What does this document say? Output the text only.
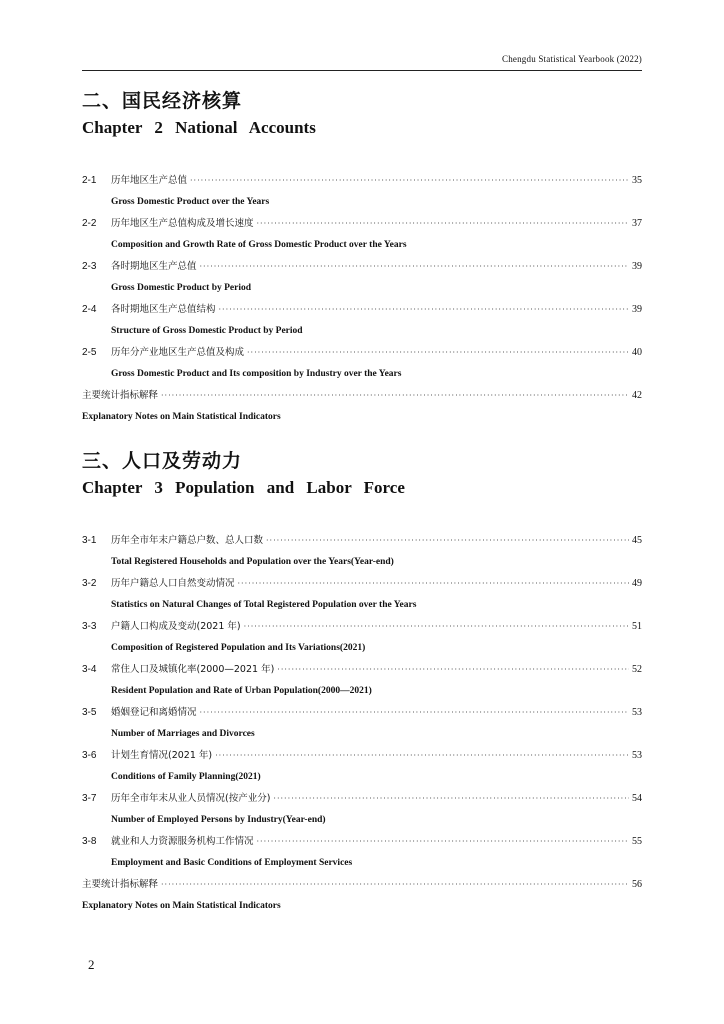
Chengdu Statistical Yearbook (2022)
二、国民经济核算
Chapter 2 National Accounts
2-1	历年地区生产总值 ·····	35
Gross Domestic Product over the Years
2-2	历年地区生产总值构成及增长速度 ·····	37
Composition and Growth Rate of Gross Domestic Product over the Years
2-3	各时期地区生产总值 ·····	39
Gross Domestic Product by Period
2-4	各时期地区生产总值结构 ·····	39
Structure of Gross Domestic Product by Period
2-5	历年分产业地区生产总值及构成 ·····	40
Gross Domestic Product and Its composition by Industry over the Years
主要统计指标解释 ·····	42
Explanatory Notes on Main Statistical Indicators
三、人口及劳动力
Chapter 3 Population and Labor Force
3-1	历年全市年末户籍总户数、总人口数 ·····	45
Total Registered Households and Population over the Years(Year-end)
3-2	历年户籍总人口自然变动情况 ·····	49
Statistics on Natural Changes of Total Registered Population over the Years
3-3	户籍人口构成及变动(2021 年) ·····	51
Composition of Registered Population and Its Variations(2021)
3-4	常住人口及城镇化率(2000—2021 年) ·····	52
Resident Population and Rate of Urban Population(2000—2021)
3-5	婚姻登记和离婚情况 ·····	53
Number of Marriages and Divorces
3-6	计划生育情况(2021 年) ·····	53
Conditions of Family Planning(2021)
3-7	历年全市年末从业人员情况(按产业分) ·····	54
Number of Employed Persons by Industry(Year-end)
3-8	就业和人力资源服务机构工作情况 ·····	55
Employment and Basic Conditions of Employment Services
主要统计指标解释 ·····	56
Explanatory Notes on Main Statistical Indicators
2
